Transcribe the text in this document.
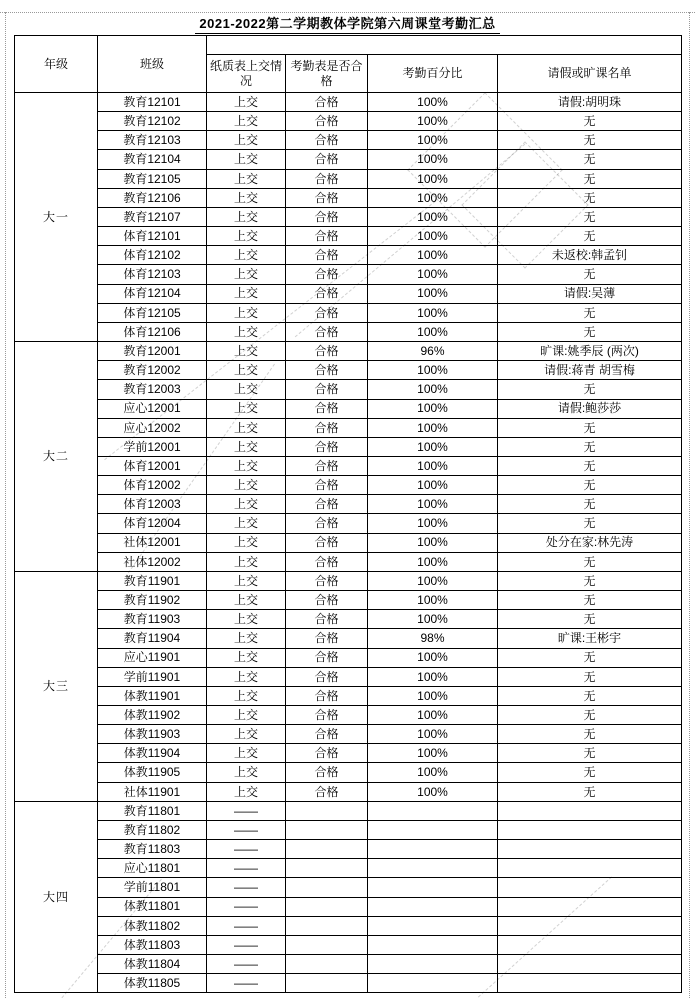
2021-2022第二学期教体学院第六周课堂考勤汇总
年级	班级				
		纸质表上交情况	考勤表是否合格	考勤百分比	请假或旷课名单
大一	教育12101	上交	合格	100%	请假:胡明珠
	教育12102	上交	合格	100%	无
	教育12103	上交	合格	100%	无
	教育12104	上交	合格	100%	无
	教育12105	上交	合格	100%	无
	教育12106	上交	合格	100%	无
	教育12107	上交	合格	100%	无
	体育12101	上交	合格	100%	无
	体育12102	上交	合格	100%	未返校:韩孟钊
	体育12103	上交	合格	100%	无
	体育12104	上交	合格	100%	请假:吴薄
	体育12105	上交	合格	100%	无
	体育12106	上交	合格	100%	无
大二	教育12001	上交	合格	96%	旷课:姚季辰 (两次)
	教育12002	上交	合格	100%	请假:蒋青 胡雪梅
	教育12003	上交	合格	100%	无
	应心12001	上交	合格	100%	请假:鲍莎莎
	应心12002	上交	合格	100%	无
	学前12001	上交	合格	100%	无
	体育12001	上交	合格	100%	无
	体育12002	上交	合格	100%	无
	体育12003	上交	合格	100%	无
	体育12004	上交	合格	100%	无
	社体12001	上交	合格	100%	处分在家:林先涛
	社体12002	上交	合格	100%	无
大三	教育11901	上交	合格	100%	无
	教育11902	上交	合格	100%	无
	教育11903	上交	合格	100%	无
	教育11904	上交	合格	98%	旷课:王彬宇
	应心11901	上交	合格	100%	无
	学前11901	上交	合格	100%	无
	体教11901	上交	合格	100%	无
	体教11902	上交	合格	100%	无
	体教11903	上交	合格	100%	无
	体教11904	上交	合格	100%	无
	体教11905	上交	合格	100%	无
	社体11901	上交	合格	100%	无
大四	教育11801	——			
	教育11802	——			
	教育11803	——			
	应心11801	——			
	学前11801	——			
	体教11801	——			
	体教11802	——			
	体教11803	——			
	体教11804	——			
	体教11805	——			
